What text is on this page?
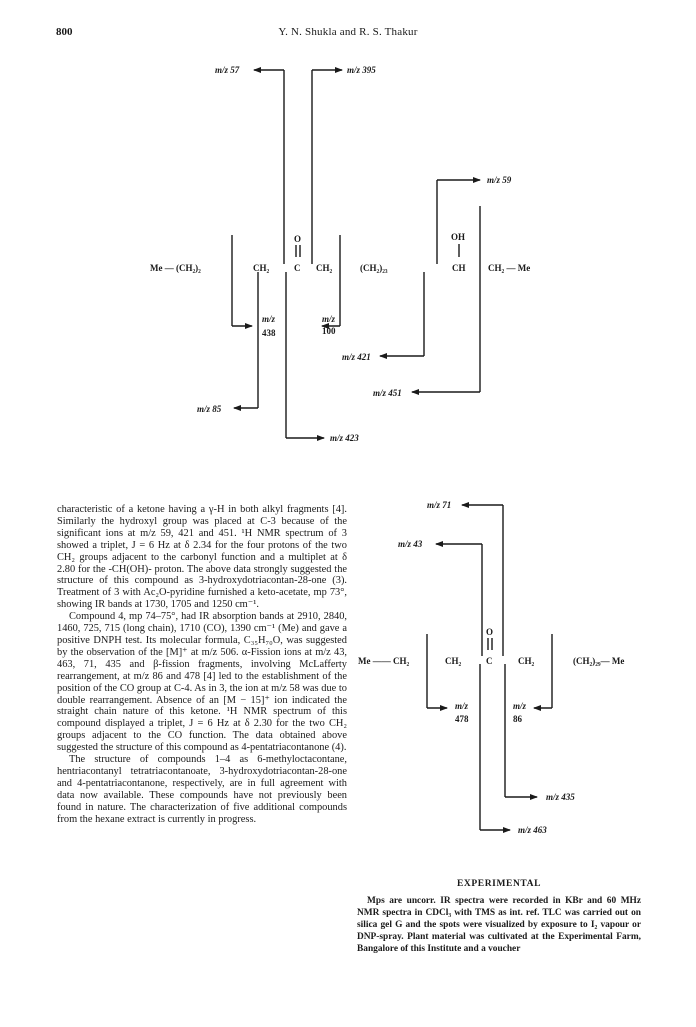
800	Y. N. Shukla and R. S. Thakur
m/z 57	m/z 395
m/z 59
Me — (CH₂)₂	CH₂	C CH₂	(CH₂)₂₃	CH	CH₂ — Me
O	OH
m/z
438
m/z
100
m/z 421
m/z 451
m/z 85
m/z 423
m/z 71
m/z 43
Me —— CH₂	CH₂	C	CH₂	(CH₂)₂₉— Me
O
m/z
478
m/z
86
m/z 435
m/z 463

characteristic of a ketone having a γ-H in both alkyl fragments [4]. Similarly the hydroxyl group was placed at C-3 because of the significant ions at m/z 59, 421 and 451. ¹H NMR spectrum of 3 showed a triplet, J = 6 Hz at δ 2.34 for the four protons of the two CH₂ groups adjacent to the carbonyl function and a multiplet at δ 2.80 for the -CH(OH)- proton. The above data strongly suggested the structure of this compound as 3-hydroxydotriacontan-28-one (3). Treatment of 3 with Ac₂O-pyridine furnished a keto-acetate, mp 73°, showing IR bands at 1730, 1705 and 1250 cm⁻¹.

Compound 4, mp 74–75°, had IR absorption bands at 2910, 2840, 1460, 725, 715 (long chain), 1710 (CO), 1390 cm⁻¹ (Me) and gave a positive DNPH test. Its molecular formula, C₃₅H₇₀O, was suggested by the observation of the [M]⁺ at m/z 506. α-Fission ions at m/z 43, 463, 71, 435 and β-fission fragments, involving McLafferty rearrangement, at m/z 86 and 478 [4] led to the establishment of the position of the CO group at C-4. As in 3, the ion at m/z 58 was due to double rearrangement. Absence of an [M − 15]⁺ ion indicated the straight chain nature of this ketone. ¹H NMR spectrum of this compound displayed a triplet, J = 6 Hz at δ 2.30 for the two CH₂ groups adjacent to the CO function. The data obtained above suggested the structure of this compound as 4-pentatriacontanone (4).

The structure of compounds 1–4 as 6-methyloctacontane, hentriacontanyl tetratriacontanoate, 3-hydroxydotriacontan-28-one and 4-pentatriacontanone, respectively, are in full agreement with data now available. These compounds have not previously been found in nature. The characterization of five additional compounds from the hexane extract is currently in progress.

EXPERIMENTAL

Mps are uncorr. IR spectra were recorded in KBr and 60 MHz NMR spectra in CDCl₃ with TMS as int. ref. TLC was carried out on silica gel G and the spots were visualized by exposure to I₂ vapour or DNP-spray. Plant material was cultivated at the Experimental Farm, Bangalore of this Institute and a voucher
